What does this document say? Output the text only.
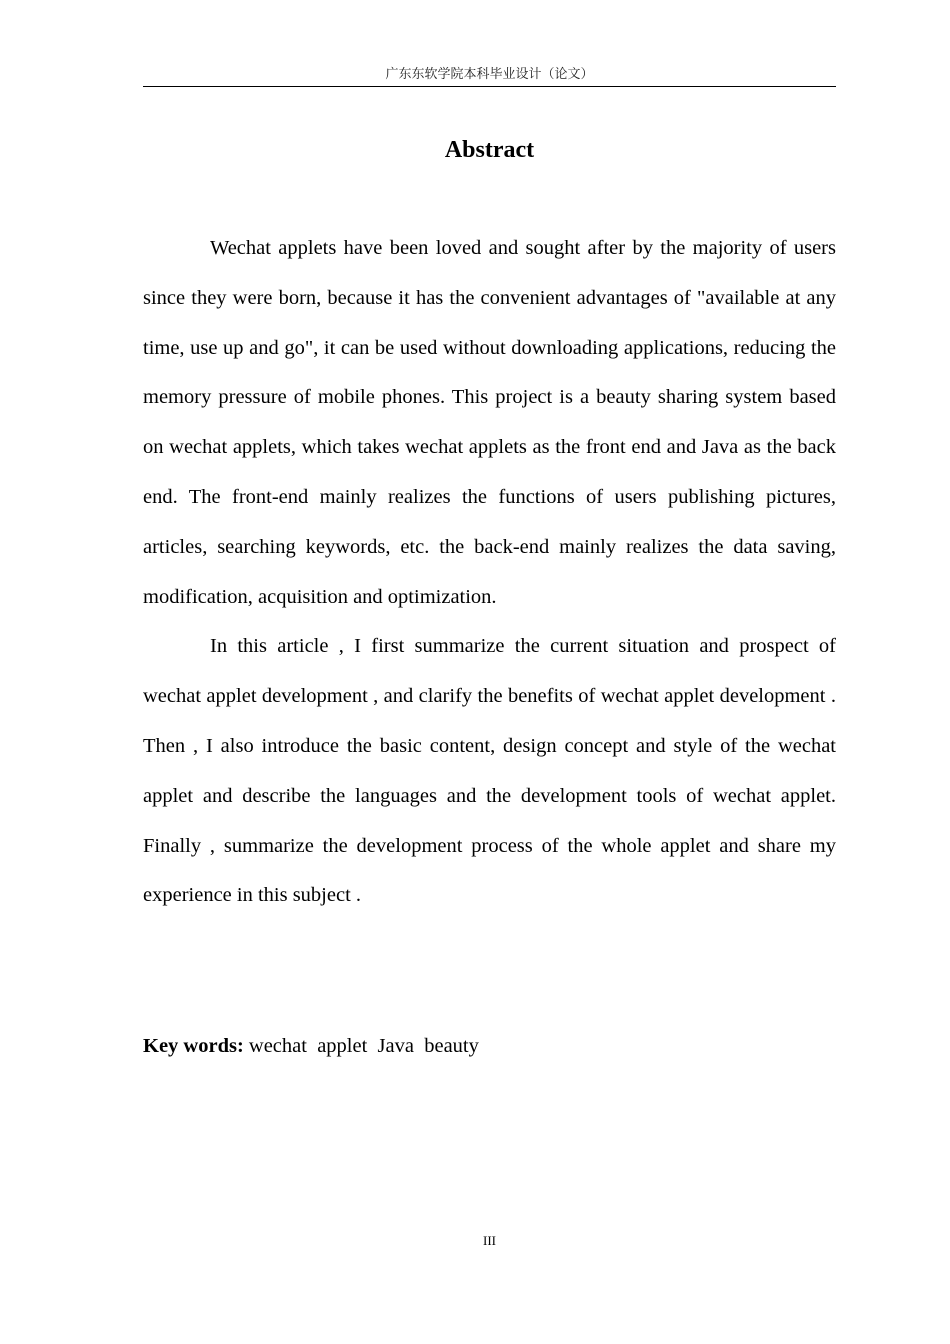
广东东软学院本科毕业设计（论文）
Abstract

Wechat applets have been loved and sought after by the majority of users since they were born, because it has the convenient advantages of "available at any time, use up and go", it can be used without downloading applications, reducing the memory pressure of mobile phones. This project is a beauty sharing system based on wechat applets, which takes wechat applets as the front end and Java as the back end. The front-end mainly realizes the functions of users publishing pictures, articles, searching keywords, etc. the back-end mainly realizes the data saving, modification, acquisition and optimization.

In this article , I first summarize the current situation and prospect of wechat applet development , and clarify the benefits of wechat applet development . Then , I also introduce the basic content, design concept and style of the wechat applet and describe the languages and the development tools of wechat applet. Finally , summarize the development process of the whole applet and share my experience in this subject .

Key words: wechat  applet  Java  beauty
III
